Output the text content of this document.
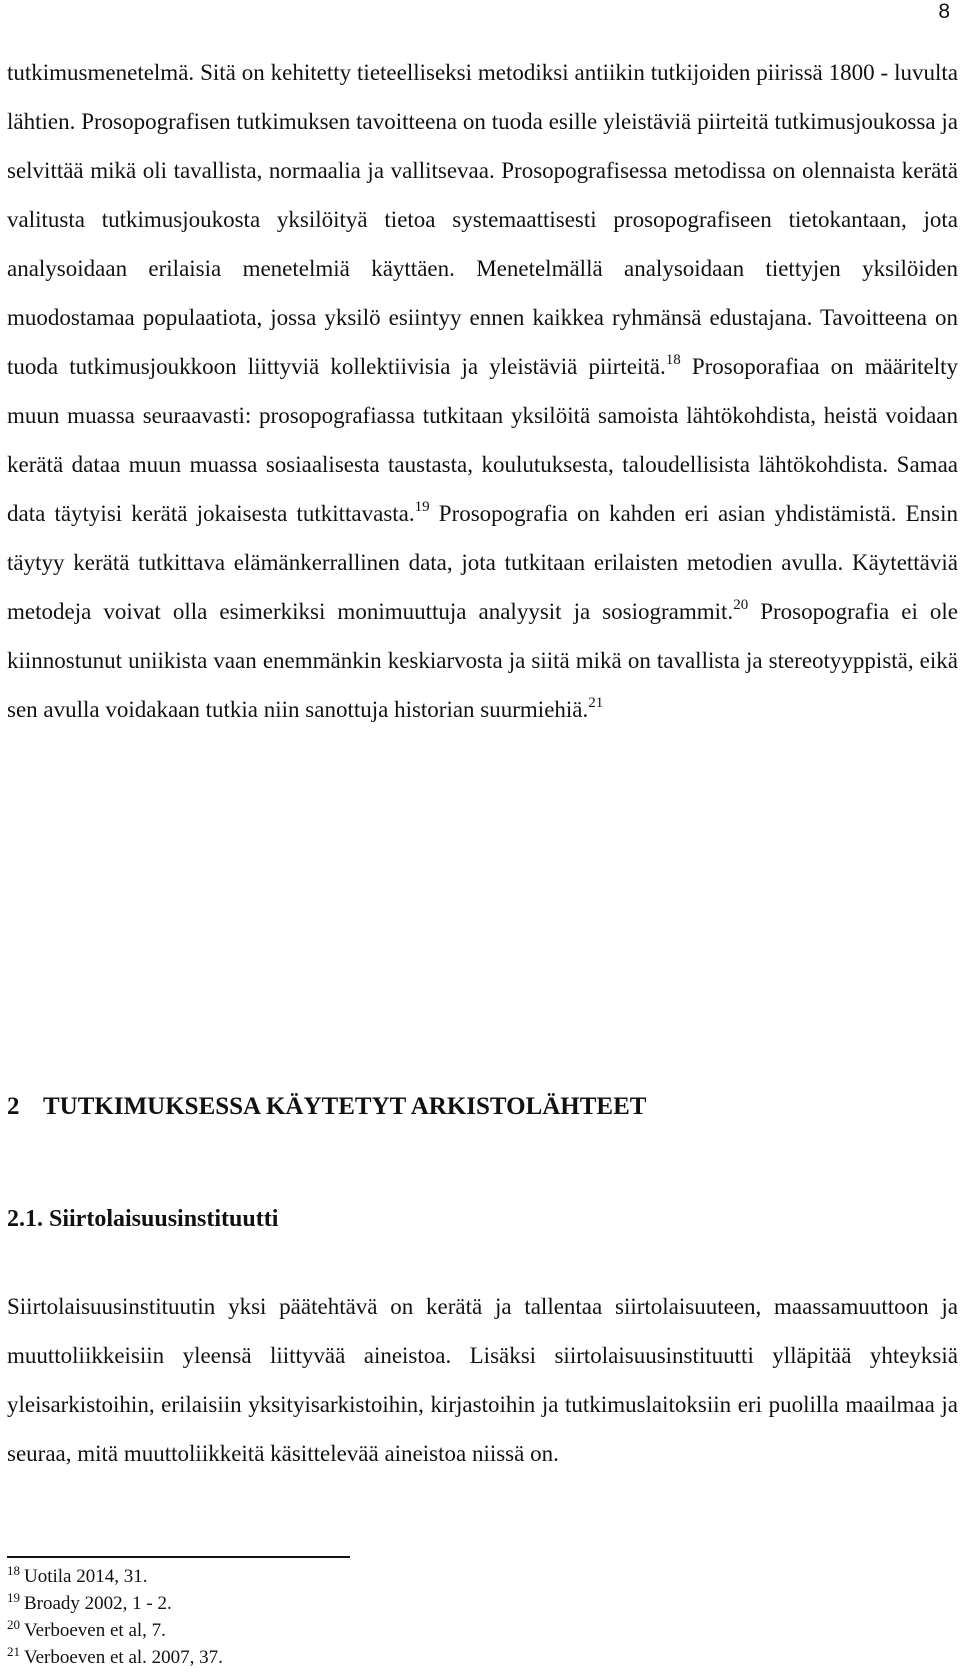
8

tutkimusmenetelmä. Sitä on kehitetty tieteelliseksi metodiksi antiikin tutkijoiden piirissä 1800 - luvulta lähtien. Prosopografisen tutkimuksen tavoitteena on tuoda esille yleistäviä piirteitä tutkimusjoukossa ja selvittää mikä oli tavallista, normaalia ja vallitsevaa. Prosopografisessa metodissa on olennaista kerätä valitusta tutkimusjoukosta yksilöityä tietoa systemaattisesti prosopografiseen tietokantaan, jota analysoidaan erilaisia menetelmiä käyttäen. Menetelmällä analysoidaan tiettyjen yksilöiden muodostamaa populaatiota, jossa yksilö esiintyy ennen kaikkea ryhmänsä edustajana. Tavoitteena on tuoda tutkimusjoukkoon liittyviä kollektiivisia ja yleistäviä piirteitä.$^{18}$ Prosoporafiaa on määritelty muun muassa seuraavasti: prosopografiassa tutkitaan yksilöitä samoista lähtökohdista, heistä voidaan kerätä dataa muun muassa sosiaalisesta taustasta, koulutuksesta, taloudellisista lähtökohdista. Samaa data täytyisi kerätä jokaisesta tutkittavasta.$^{19}$ Prosopografia on kahden eri asian yhdistämistä. Ensin täytyy kerätä tutkittava elämänkerrallinen data, jota tutkitaan erilaisten metodien avulla. Käytettäviä metodeja voivat olla esimerkiksi monimuuttuja analyysit ja sosiogrammit.$^{20}$ Prosopografia ei ole kiinnostunut uniikista vaan enemmänkin keskiarvosta ja siitä mikä on tavallista ja stereotyyppistä, eikä sen avulla voidakaan tutkia niin sanottuja historian suurmiehiä.$^{21}$

2 TUTKIMUKSESSA KÄYTETYT ARKISTOLÄHTEET
2.1. Siirtolaisuusinstituutti

Siirtolaisuusinstituutin yksi päätehtävä on kerätä ja tallentaa siirtolaisuuteen, maassamuuttoon ja muuttoliikkeisiin yleensä liittyvää aineistoa. Lisäksi siirtolaisuusinstituutti ylläpitää yhteyksiä yleisarkistoihin, erilaisiin yksityisarkistoihin, kirjastoihin ja tutkimuslaitoksiin eri puolilla maailmaa ja seuraa, mitä muuttoliikkeitä käsittelevää aineistoa niissä on.

$^{18}$ Uotila 2014, 31.
$^{19}$ Broady 2002, 1 - 2.
$^{20}$ Verboeven et al, 7.
$^{21}$ Verboeven et al. 2007, 37.
